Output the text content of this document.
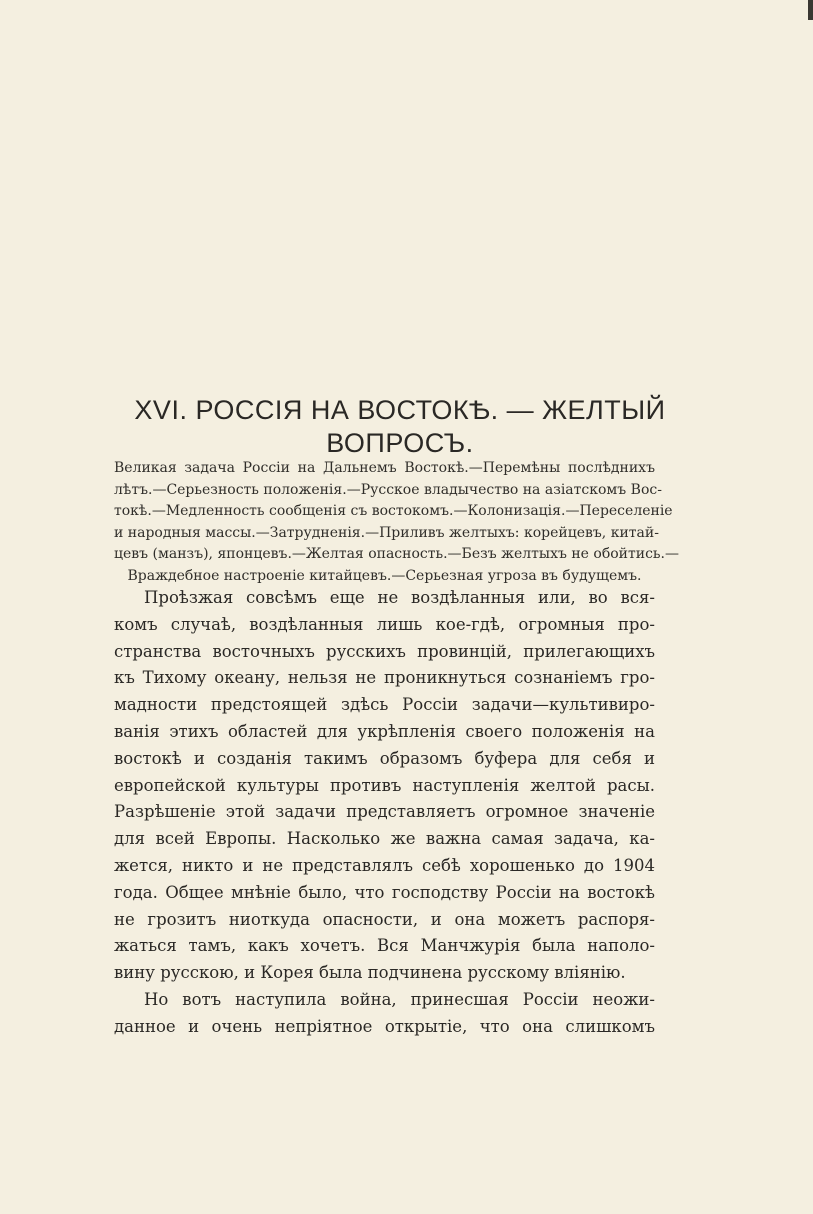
XVI. РОССІЯ НА ВОСТОКѢ. — ЖЕЛТЫЙ
ВОПРОСЪ.
Великая задача Россіи на Дальнемъ Востокѣ.—Перемѣны послѣднихъ
лѣтъ.—Серьезность положенія.—Русское владычество на азіатскомъ Вос-
токѣ.—Медленность сообщенія съ востокомъ.—Колонизація.—Переселеніе
и народныя массы.—Затрудненія.—Приливъ желтыхъ: корейцевъ, китай-
цевъ (манзъ), японцевъ.—Желтая опасность.—Безъ желтыхъ не обойтись.—
Враждебное настроеніе китайцевъ.—Серьезная угроза въ будущемъ.
Проѣзжая совсѣмъ еще не воздѣланныя или, во вся-
комъ случаѣ, воздѣланныя лишь кое-гдѣ, огромныя про-
странства восточныхъ русскихъ провинцій, прилегающихъ
къ Тихому океану, нельзя не проникнуться сознаніемъ гро-
мадности предстоящей здѣсь Россіи задачи—культивиро-
ванія этихъ областей для укрѣпленія своего положенія на
востокѣ и созданія такимъ образомъ буфера для себя и
европейской культуры противъ наступленія желтой расы.
Разрѣшеніе этой задачи представляетъ огромное значеніе
для всей Европы. Насколько же важна самая задача, ка-
жется, никто и не представлялъ себѣ хорошенько до 1904
года. Общее мнѣніе было, что господству Россіи на востокѣ
не грозитъ ниоткуда опасности, и она можетъ распоря-
жаться тамъ, какъ хочетъ. Вся Манчжурія была наполо-
вину русскою, и Корея была подчинена русскому вліянію.
Но вотъ наступила война, принесшая Россіи неожи-
данное и очень непріятное открытіе, что она слишкомъ
